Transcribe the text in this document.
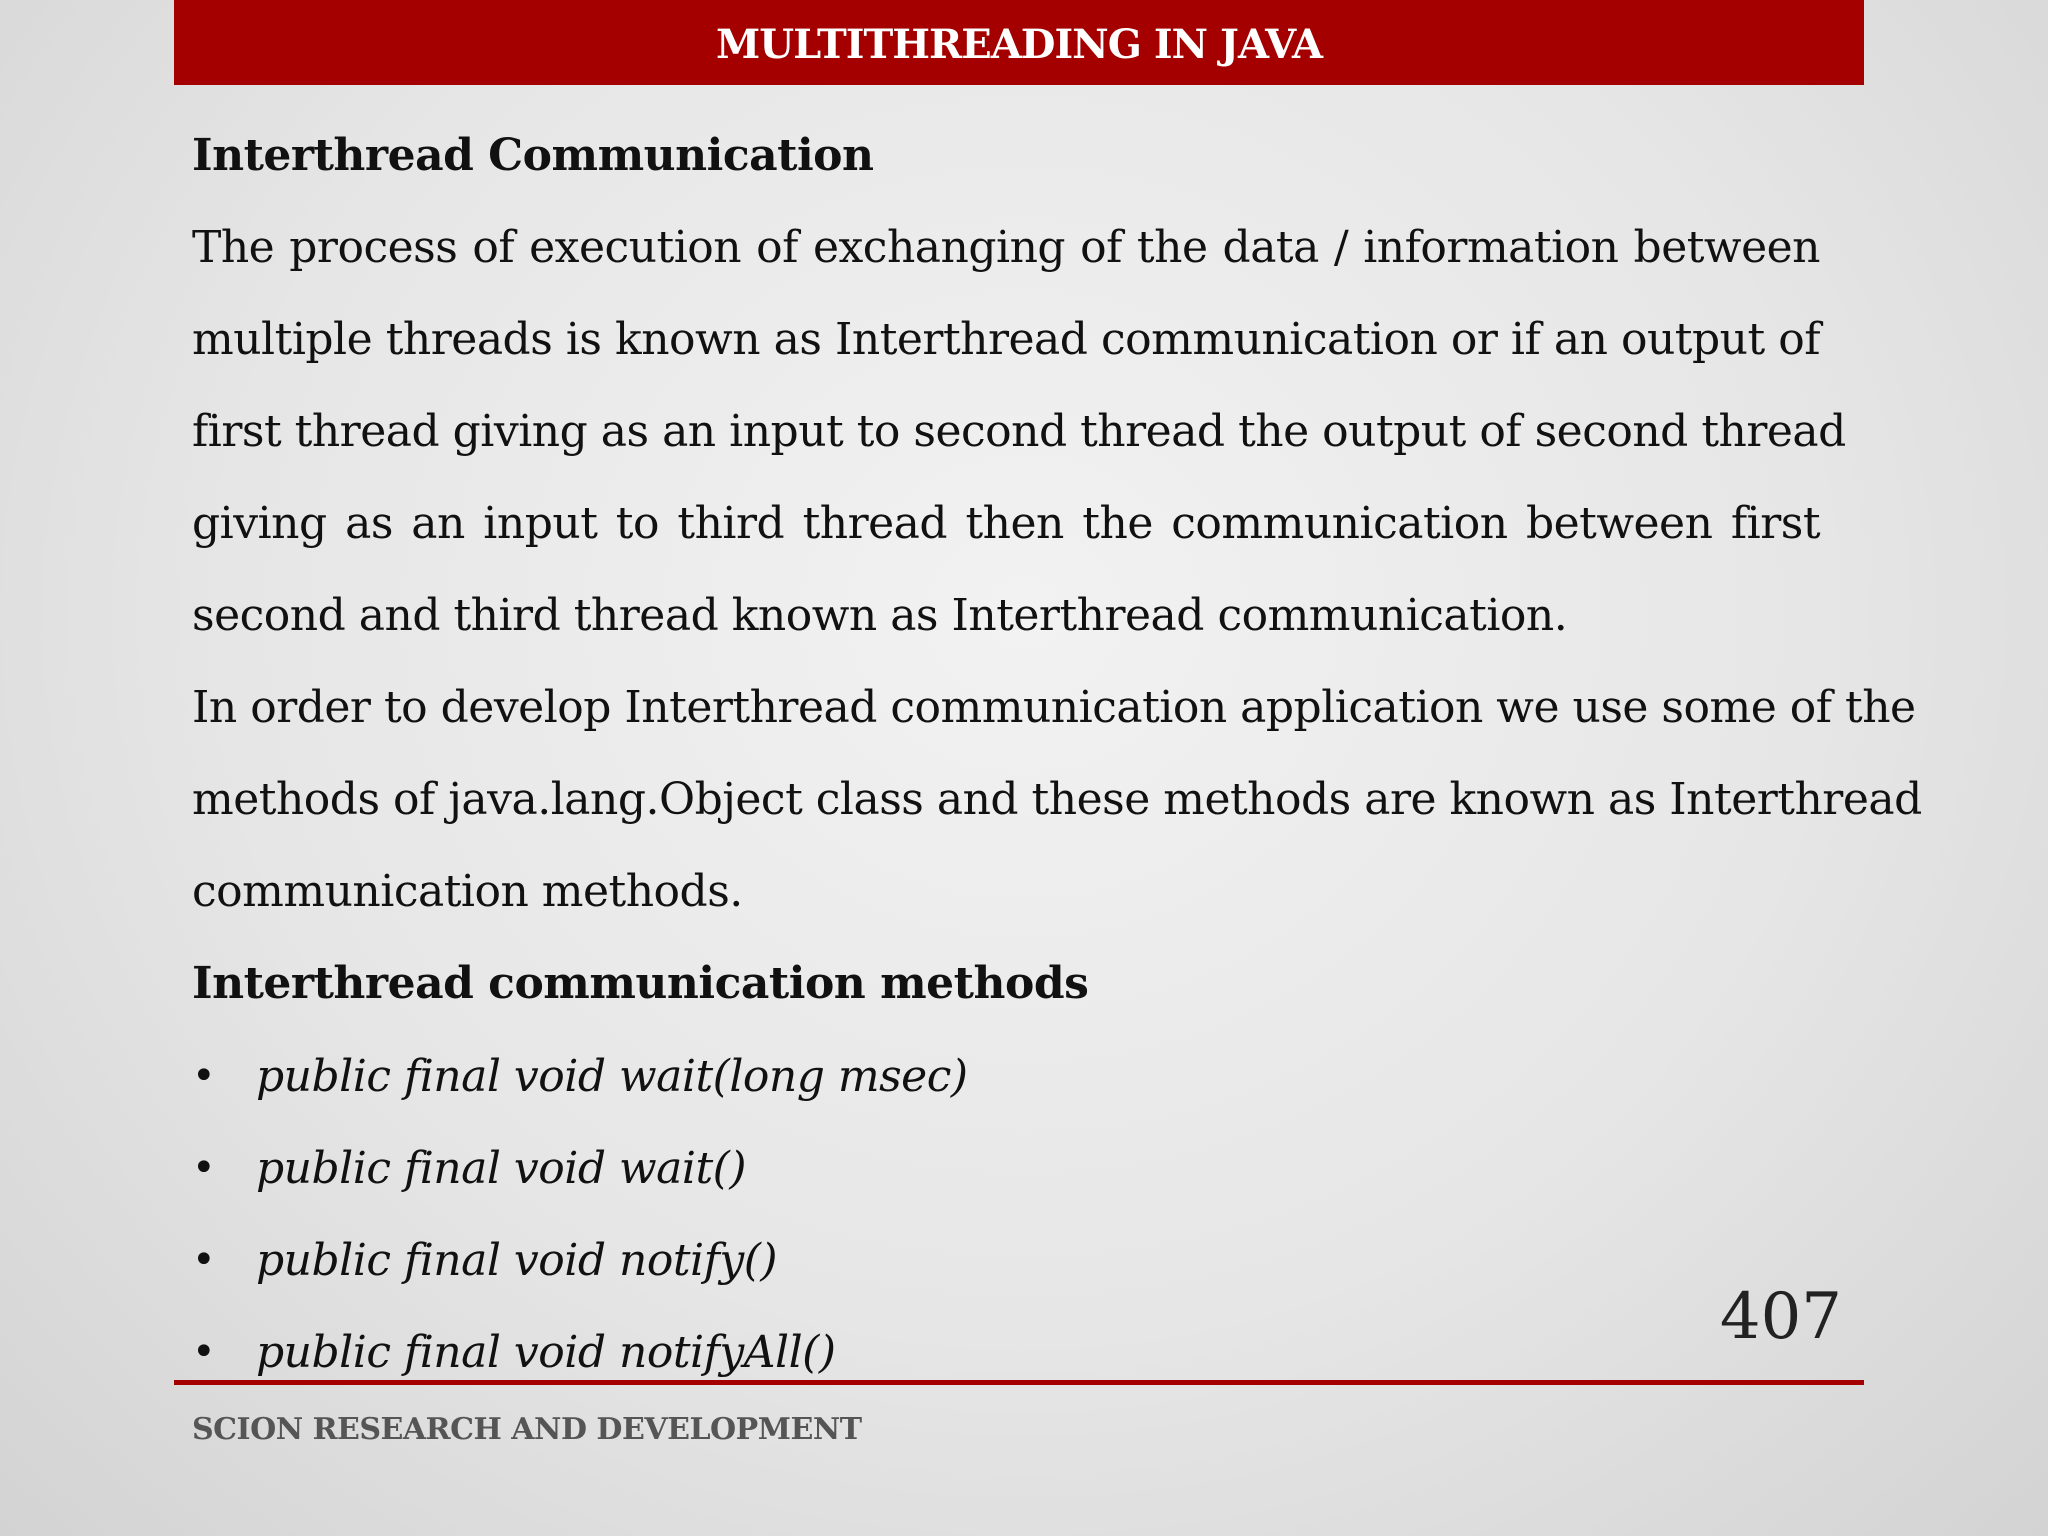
MULTITHREADING IN JAVA
Interthread Communication
The process of execution of exchanging of the data / information between
multiple threads is known as Interthread communication or if an output of
first thread giving as an input to second thread the output of second thread
giving as an input to third thread then the communication between first
second and third thread known as Interthread communication.
In order to develop Interthread communication application we use some of the
methods of java.lang.Object class and these methods are known as Interthread
communication methods.
Interthread communication methods
• public final void wait(long msec)
• public final void wait()
• public final void notify()
• public final void notifyAll()	407
SCION RESEARCH AND DEVELOPMENT
